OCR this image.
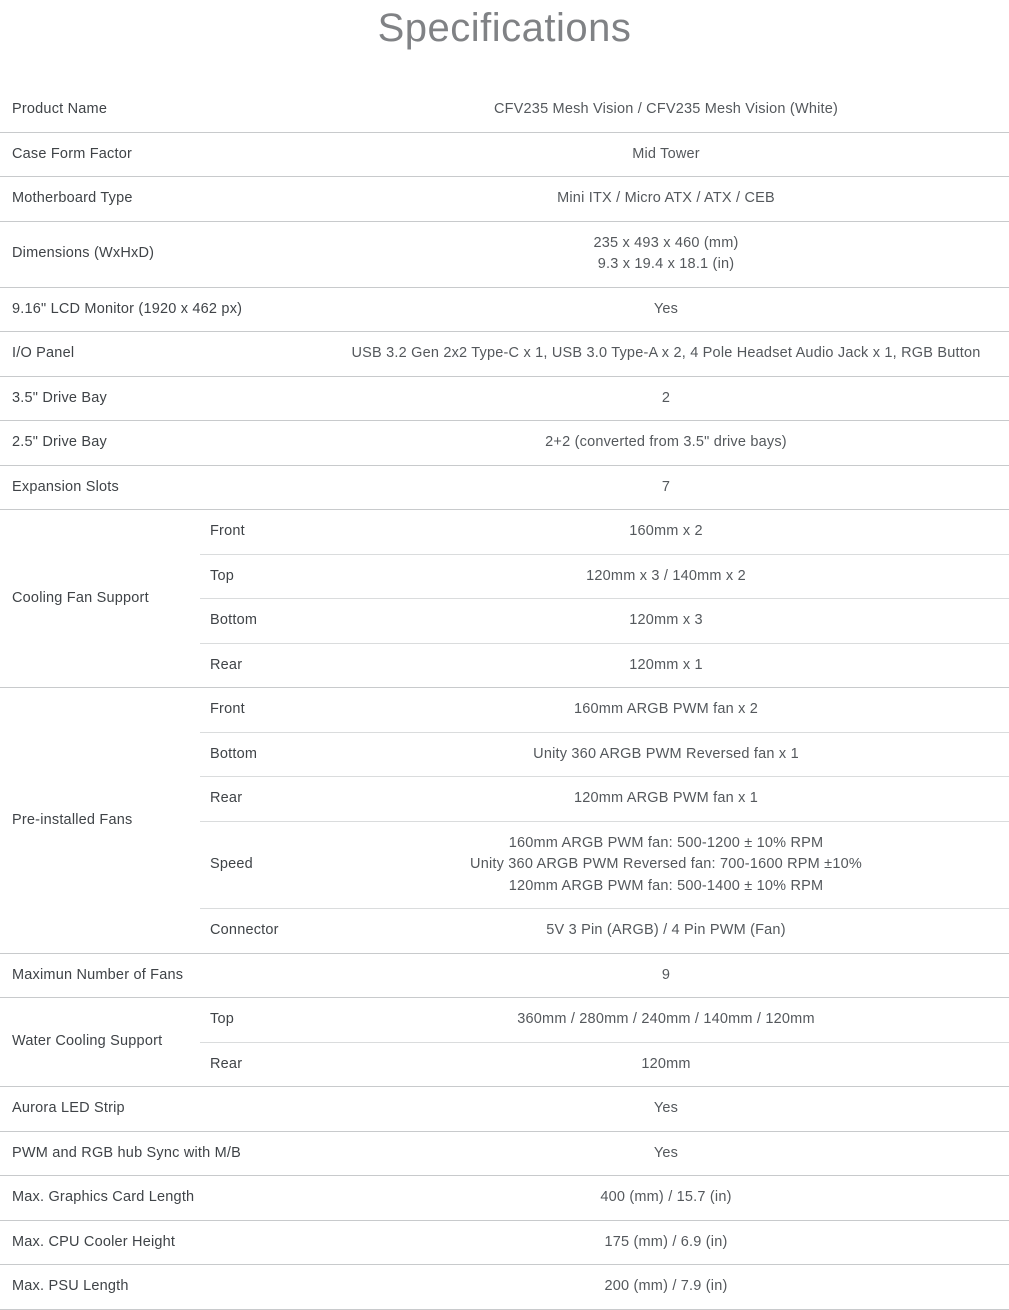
Specifications
Product Name	CFV235 Mesh Vision / CFV235 Mesh Vision (White)
Case Form Factor	Mid Tower
Motherboard Type	Mini ITX / Micro ATX / ATX / CEB
Dimensions (WxHxD)
235 x 493 x 460 (mm)
9.3 x 19.4 x 18.1 (in)
9.16" LCD Monitor (1920 x 462 px)	Yes
I/O Panel	USB 3.2 Gen 2x2 Type-C x 1, USB 3.0 Type-A x 2, 4 Pole Headset Audio Jack x 1, RGB Button
3.5" Drive Bay	2
2.5" Drive Bay	2+2 (converted from 3.5" drive bays)
Expansion Slots	7
Cooling Fan Support
Front	160mm x 2
Top	120mm x 3 / 140mm x 2
Bottom	120mm x 3
Rear	120mm x 1
Pre-installed Fans
Front	160mm ARGB PWM fan x 2
Bottom	Unity 360 ARGB PWM Reversed fan x 1
Rear	120mm ARGB PWM fan x 1
Speed
160mm ARGB PWM fan: 500-1200 ± 10% RPM
Unity 360 ARGB PWM Reversed fan: 700-1600 RPM ±10%
120mm ARGB PWM fan: 500-1400 ± 10% RPM
Connector	5V 3 Pin (ARGB) / 4 Pin PWM (Fan)
Maximun Number of Fans	9
Water Cooling Support
Top	360mm / 280mm / 240mm / 140mm / 120mm
Rear	120mm
Aurora LED Strip	Yes
PWM and RGB hub Sync with M/B	Yes
Max. Graphics Card Length	400 (mm) / 15.7 (in)
Max. CPU Cooler Height	175 (mm) / 6.9 (in)
Max. PSU Length	200 (mm) / 7.9 (in)
